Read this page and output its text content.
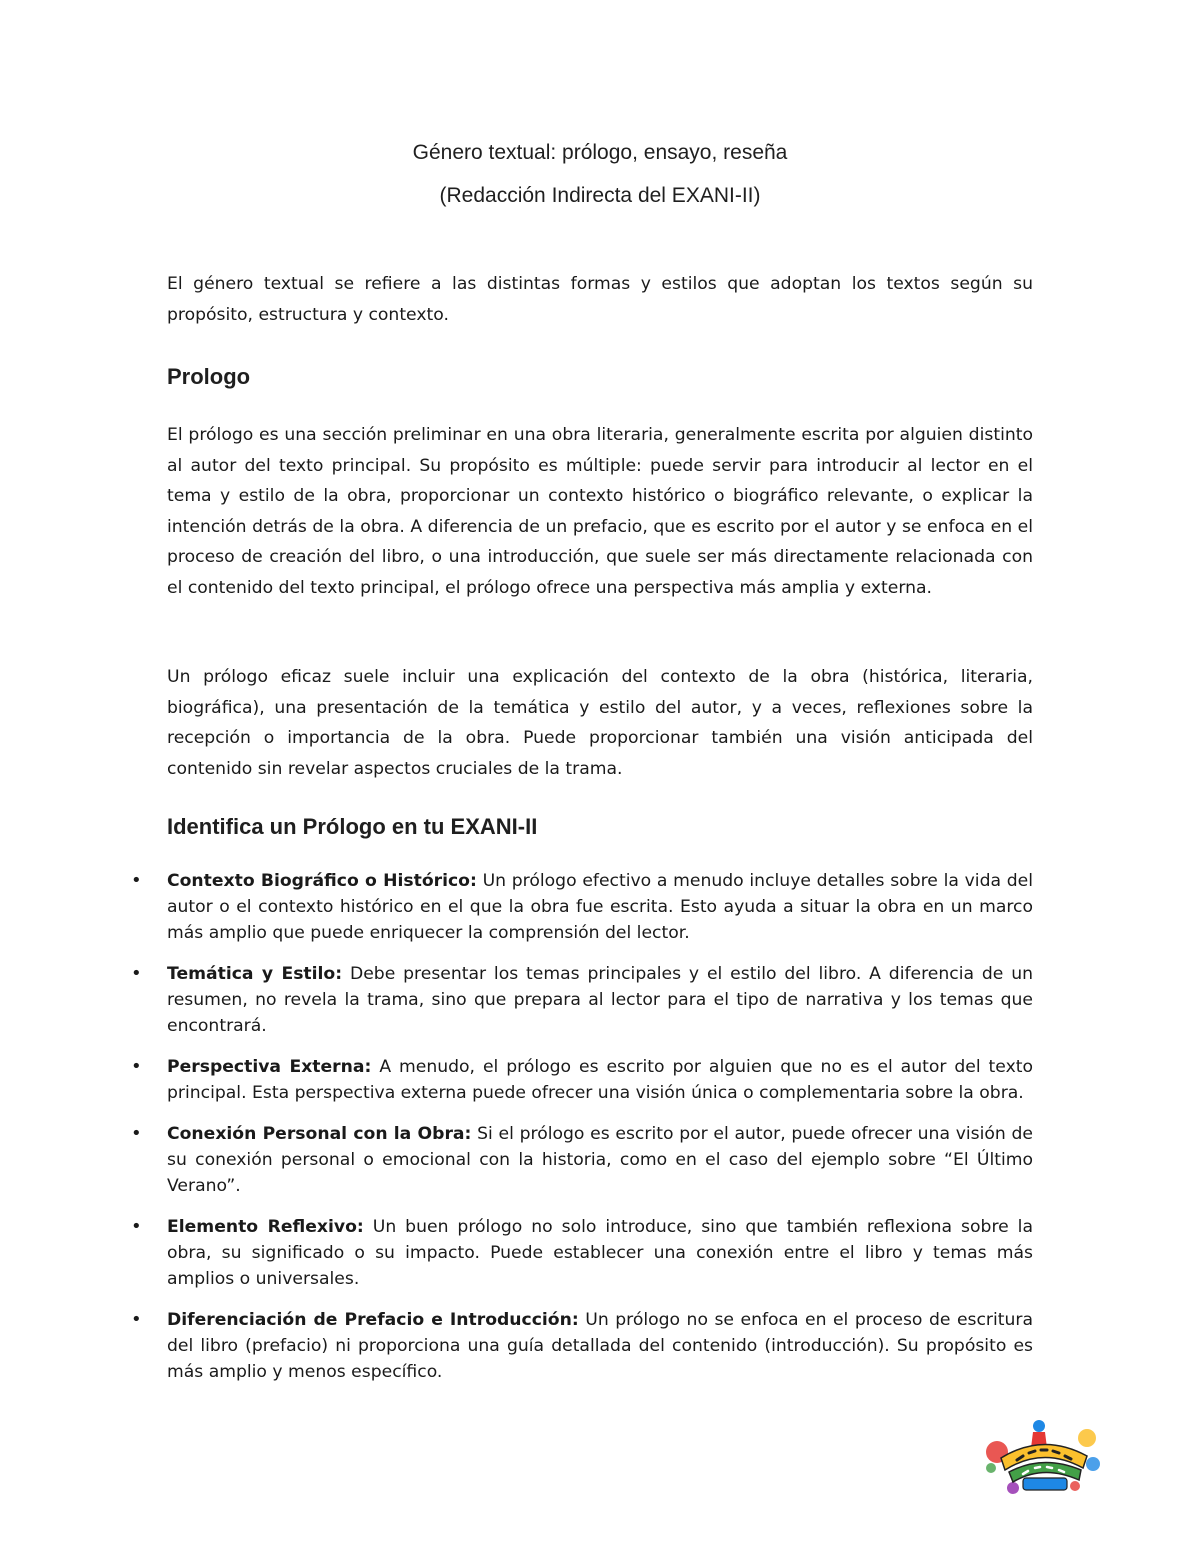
Género textual: prólogo, ensayo, reseña
(Redacción Indirecta del EXANI-II)

El género textual se refiere a las distintas formas y estilos que adoptan los textos según su propósito, estructura y contexto.

Prologo

El prólogo es una sección preliminar en una obra literaria, generalmente escrita por alguien distinto al autor del texto principal. Su propósito es múltiple: puede servir para introducir al lector en el tema y estilo de la obra, proporcionar un contexto histórico o biográfico relevante, o explicar la intención detrás de la obra. A diferencia de un prefacio, que es escrito por el autor y se enfoca en el proceso de creación del libro, o una introducción, que suele ser más directamente relacionada con el contenido del texto principal, el prólogo ofrece una perspectiva más amplia y externa.

Un prólogo eficaz suele incluir una explicación del contexto de la obra (histórica, literaria, biográfica), una presentación de la temática y estilo del autor, y a veces, reflexiones sobre la recepción o importancia de la obra. Puede proporcionar también una visión anticipada del contenido sin revelar aspectos cruciales de la trama.

Identifica un Prólogo en tu EXANI-II
• Contexto Biográfico o Histórico: Un prólogo efectivo a menudo incluye detalles sobre la vida del autor o el contexto histórico en el que la obra fue escrita. Esto ayuda a situar la obra en un marco más amplio que puede enriquecer la comprensión del lector.
• Temática y Estilo: Debe presentar los temas principales y el estilo del libro. A diferencia de un resumen, no revela la trama, sino que prepara al lector para el tipo de narrativa y los temas que encontrará.
• Perspectiva Externa: A menudo, el prólogo es escrito por alguien que no es el autor del texto principal. Esta perspectiva externa puede ofrecer una visión única o complementaria sobre la obra.
• Conexión Personal con la Obra: Si el prólogo es escrito por el autor, puede ofrecer una visión de su conexión personal o emocional con la historia, como en el caso del ejemplo sobre “El Último Verano”.
• Elemento Reflexivo: Un buen prólogo no solo introduce, sino que también reflexiona sobre la obra, su significado o su impacto. Puede establecer una conexión entre el libro y temas más amplios o universales.
• Diferenciación de Prefacio e Introducción: Un prólogo no se enfoca en el proceso de escritura del libro (prefacio) ni proporciona una guía detallada del contenido (introducción). Su propósito es más amplio y menos específico.
